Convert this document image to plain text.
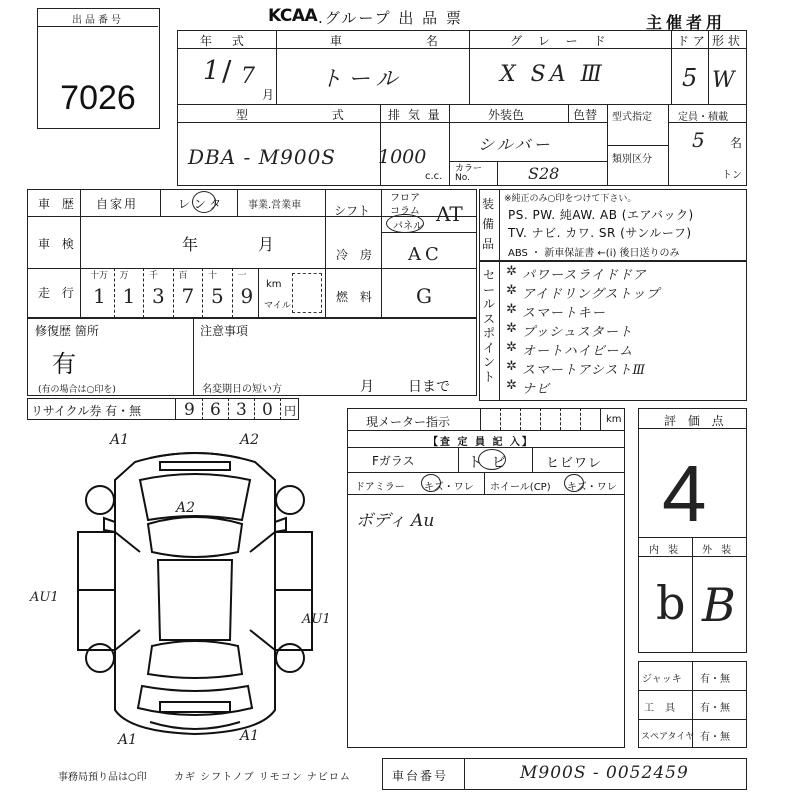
出品番号
7026
KCAA .グループ 出 品 票	主催者用
年 式
1 / 7
月
車 名
トール
グ レ ー ド
X SA Ⅲ
ド ア
5
形 状
W
型 式
DBA - M900S
排 気 量
1000
c.c.
外装色	色替
シルバー
カラー No.	S28
型式指定
類別区分
定員・積載
5 名
トン
車 歴 自家用	レンタ 事業.営業車
車 検	年	月
走 行
十万
1
万
1
千
3
百
7
十
5
一
9 km
マイル
シフト
フロア
コラム
パネル
AT
冷 房 AC
燃 料 G
装 備 品
※純正のみ○印をつけて下さい。
PS. PW. 純AW. AB (エアバック)
TV. ナビ. カワ. SR (サンルーフ)
ABS ・ 新車保証書 ←(ⅰ) 後日送りのみ
セールスポイント
✲ パワースライドドア
✲ アイドリングストップ
✲ スマートキー
✲ プッシュスタート
✲ オートハイビーム
✲ スマートアシストⅢ
✲ ナビ
修復歴 箇所
有
(有の場合は○印を)
注意事項
名変期日の短い方	月 日まで
リサイクル券 有・無	9 6 3 0 円
A1	A2
A2
AU1
AU1
A1	A1
現メーター指示	km
【査 定 員 記 入】
Fガラス	トビ ヒビワレ
ドアミラー キズ・ワレ ホイール(CP) キズ・ワレ
ボディ Au
評 価 点
4
内 装 外 装
b B
ジャッキ 有・無
工 具 有・無
スペアタイヤ 有・無
事務局預り品は○印	カギ シフトノブ リモコン ナビロム	車台番号	M900S - 0052459
